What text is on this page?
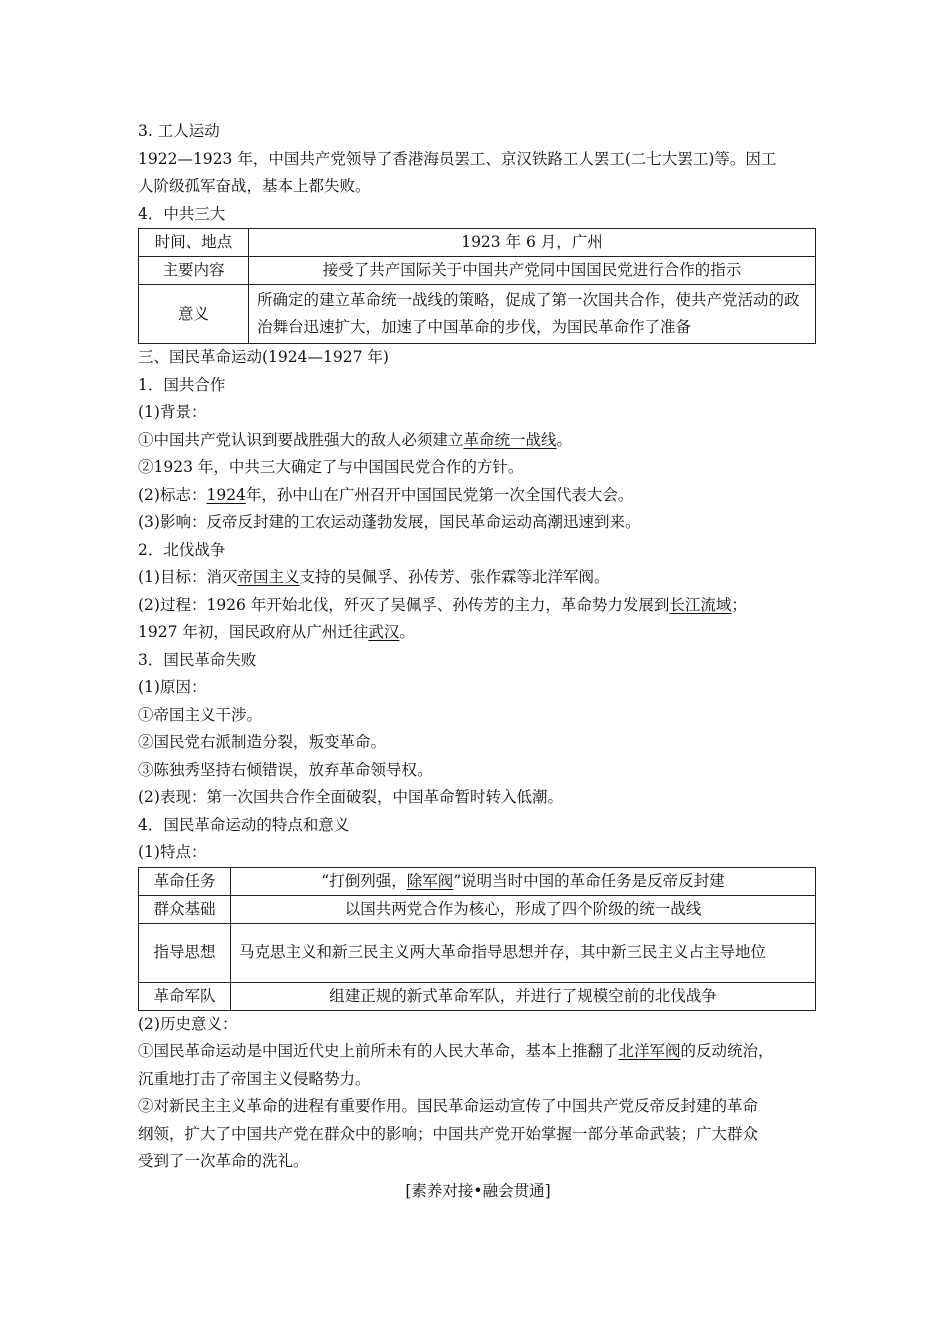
3. 工人运动
1922—1923 年，中国共产党领导了香港海员罢工、京汉铁路工人罢工(二七大罢工)等。因工
人阶级孤军奋战，基本上都失败。
4．中共三大
时间、地点	1923 年 6 月，广州
主要内容	接受了共产国际关于中国共产党同中国国民党进行合作的指示
意义	所确定的建立革命统一战线的策略，促成了第一次国共合作，使共产党活动的政治舞台迅速扩大，加速了中国革命的步伐，为国民革命作了准备
三、国民革命运动(1924—1927 年)
1．国共合作
(1)背景：
①中国共产党认识到要战胜强大的敌人必须建立革命统一战线。
②1923 年，中共三大确定了与中国国民党合作的方针。
(2)标志：1924年，孙中山在广州召开中国国民党第一次全国代表大会。
(3)影响：反帝反封建的工农运动蓬勃发展，国民革命运动高潮迅速到来。
2．北伐战争
(1)目标：消灭帝国主义支持的吴佩孚、孙传芳、张作霖等北洋军阀。
(2)过程：1926 年开始北伐，歼灭了吴佩孚、孙传芳的主力，革命势力发展到长江流域；
1927 年初，国民政府从广州迁往武汉。
3．国民革命失败
(1)原因：
①帝国主义干涉。
②国民党右派制造分裂，叛变革命。
③陈独秀坚持右倾错误，放弃革命领导权。
(2)表现：第一次国共合作全面破裂，中国革命暂时转入低潮。
4．国民革命运动的特点和意义
(1)特点：
革命任务	“打倒列强，除军阀”说明当时中国的革命任务是反帝反封建
群众基础	以国共两党合作为核心，形成了四个阶级的统一战线
指导思想	马克思主义和新三民主义两大革命指导思想并存，其中新三民主义占主导地位
革命军队	组建正规的新式革命军队，并进行了规模空前的北伐战争
(2)历史意义：
①国民革命运动是中国近代史上前所未有的人民大革命，基本上推翻了北洋军阀的反动统治，
沉重地打击了帝国主义侵略势力。
②对新民主主义革命的进程有重要作用。国民革命运动宣传了中国共产党反帝反封建的革命
纲领，扩大了中国共产党在群众中的影响；中国共产党开始掌握一部分革命武装；广大群众
受到了一次革命的洗礼。
[素养对接•融会贯通]
